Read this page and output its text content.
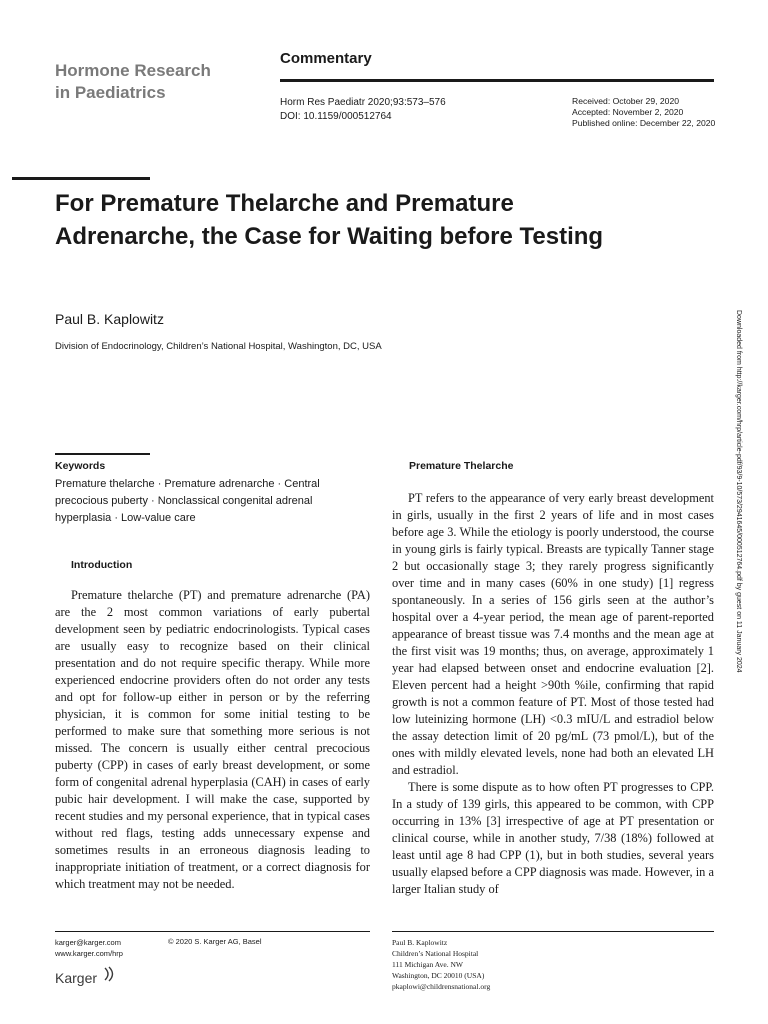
Hormone Research
in Paediatrics
Commentary
Horm Res Paediatr 2020;93:573–576
DOI: 10.1159/000512764
Received: October 29, 2020
Accepted: November 2, 2020
Published online: December 22, 2020
For Premature Thelarche and Premature Adrenarche, the Case for Waiting before Testing
Paul B. Kaplowitz
Division of Endocrinology, Children’s National Hospital, Washington, DC, USA	Downloaded from http://karger.com/hrp/article-pdf/93/9-10/573/2941645/000512764.pdf by guest on 11 January 2024
Keywords
Premature thelarche · Premature adrenarche · Central precocious puberty · Nonclassical congenital adrenal hyperplasia · Low-value care
Introduction

Premature thelarche (PT) and premature adrenarche (PA) are the 2 most common variations of early pubertal development seen by pediatric endocrinologists. Typical cases are usually easy to recognize based on their clinical presentation and do not require specific therapy. While more experienced endocrine providers often do not order any tests and opt for follow-up either in person or by the referring physician, it is common for some initial testing to be performed to make sure that something more serious is not missed. The concern is usually either central precocious puberty (CPP) in cases of early breast development, or some form of congenital adrenal hyperplasia (CAH) in cases of early pubic hair development. I will make the case, supported by recent studies and my personal experience, that in typical cases without red flags, testing adds unnecessary expense and sometimes results in an erroneous diagnosis leading to inappropriate initiation of treatment, or a correct diagnosis for which treatment may not be needed.

Premature Thelarche

PT refers to the appearance of very early breast development in girls, usually in the first 2 years of life and in most cases before age 3. While the etiology is poorly understood, the course in young girls is fairly typical. Breasts are typically Tanner stage 2 but occasionally stage 3; they rarely progress significantly over time and in many cases (60% in one study) [1] regress spontaneously. In a series of 156 girls seen at the author’s hospital over a 4-year period, the mean age of parent-reported appearance of breast tissue was 7.4 months and the mean age at the first visit was 19 months; thus, on average, approximately 1 year had elapsed between onset and endocrine evaluation [2]. Eleven percent had a height >90th %ile, confirming that rapid growth is not a common feature of PT. Most of those tested had low luteinizing hormone (LH) <0.3 mIU/L and estradiol below the assay detection limit of 20 pg/mL (73 pmol/L), but of the ones with mildly elevated levels, none had both an elevated LH and estradiol.

There is some dispute as to how often PT progresses to CPP. In a study of 139 girls, this appeared to be common, with CPP occurring in 13% [3] irrespective of age at PT presentation or clinical course, while in another study, 7/38 (18%) followed at least until age 8 had CPP (1), but in both studies, several years usually elapsed before a CPP diagnosis was made. However, in a larger Italian study of

karger@karger.com
www.karger.com/hrp
© 2020 S. Karger AG, Basel
Karger
Paul B. Kaplowitz
Children’s National Hospital
111 Michigan Ave. NW
Washington, DC 20010 (USA)
pkaplowi@childrensnational.org
